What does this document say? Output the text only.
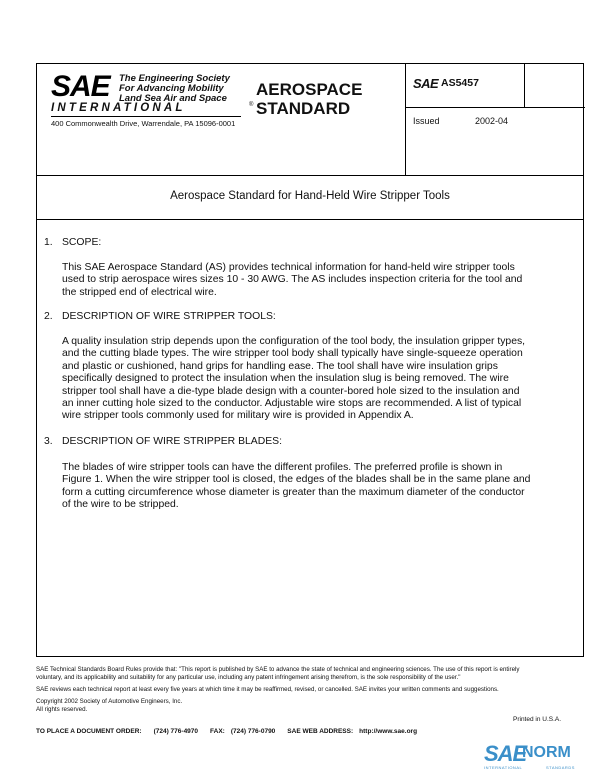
SAE The Engineering Society
For Advancing Mobility
Land Sea Air and Space
INTERNATIONAL	®
400 Commonwealth Drive, Warrendale, PA 15096-0001
AEROSPACE
STANDARD
SAE AS5457
Issued	2002-04
Aerospace Standard for Hand-Held Wire Stripper Tools
1. SCOPE:
This SAE Aerospace Standard (AS) provides technical information for hand-held wire stripper tools
used to strip aerospace wires sizes 10 - 30 AWG. The AS includes inspection criteria for the tool and
the stripped end of electrical wire.
2. DESCRIPTION OF WIRE STRIPPER TOOLS:
A quality insulation strip depends upon the configuration of the tool body, the insulation gripper types,
and the cutting blade types. The wire stripper tool body shall typically have single-squeeze operation
and plastic or cushioned, hand grips for handling ease. The tool shall have wire insulation grips
specifically designed to protect the insulation when the insulation slug is being removed. The wire
stripper tool shall have a die-type blade design with a counter-bored hole sized to the insulation and
an inner cutting hole sized to the conductor. Adjustable wire stops are recommended. A list of typical
wire stripper tools commonly used for military wire is provided in Appendix A.
3. DESCRIPTION OF WIRE STRIPPER BLADES:
The blades of wire stripper tools can have the different profiles. The preferred profile is shown in
Figure 1. When the wire stripper tool is closed, the edges of the blades shall be in the same plane and
form a cutting circumference whose diameter is greater than the maximum diameter of the conductor
of the wire to be stripped.
SAE Technical Standards Board Rules provide that: "This report is published by SAE to advance the state of technical and engineering sciences. The use of this report is entirely
voluntary, and its applicability and suitability for any particular use, including any patent infringement arising therefrom, is the sole responsibility of the user."
SAE reviews each technical report at least every five years at which time it may be reaffirmed, revised, or cancelled. SAE invites your written comments and suggestions.
Copyright 2002 Society of Automotive Engineers, Inc.
All rights reserved.
Printed in U.S.A.
TO PLACE A DOCUMENT ORDER: (724) 776-4970 FAX: (724) 776-0790 SAE WEB ADDRESS: http://www.sae.org
SAE
NORM
INTERNATIONAL	STANDARDS
